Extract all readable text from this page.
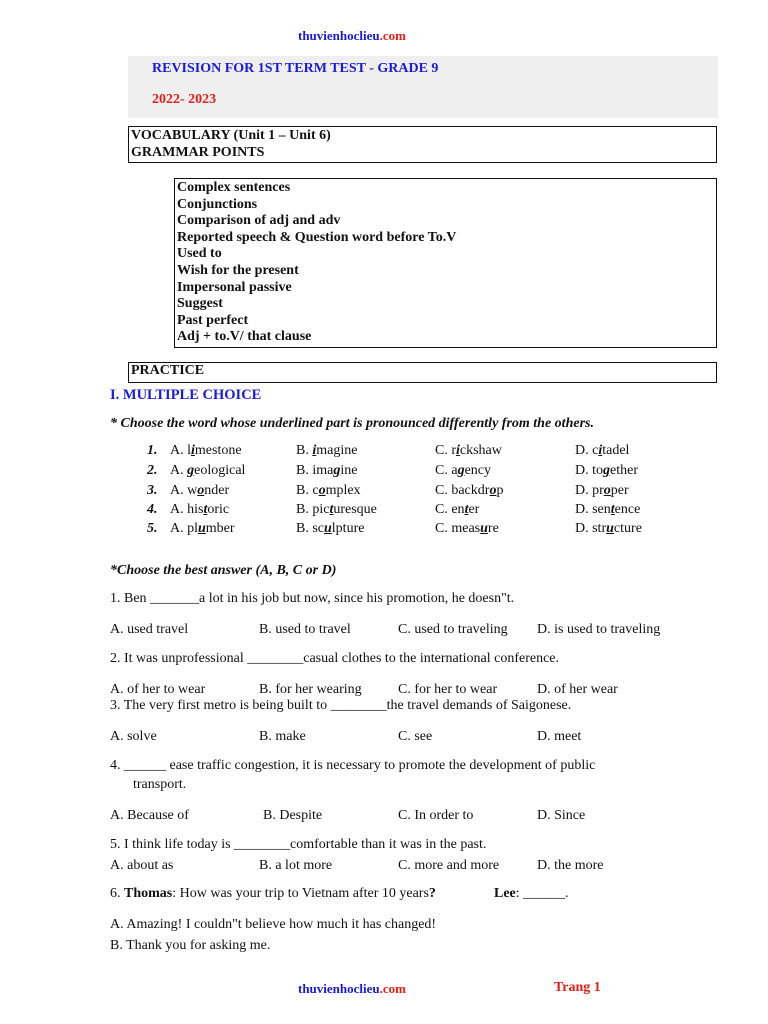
thuvienhoclieu.com
REVISION FOR 1ST TERM TEST - GRADE 9
2022- 2023
VOCABULARY (Unit 1 – Unit 6)
GRAMMAR POINTS
Complex sentences
Conjunctions
Comparison of adj and adv
Reported speech & Question word before To.V
Used to
Wish for the present
Impersonal passive
Suggest
Past perfect
Adj + to.V/ that clause
PRACTICE
I. MULTIPLE CHOICE
* Choose the word whose underlined part is pronounced differently from the others.
1. A. limestone	B. imagine	C. rickshaw	D. citadel
2. A. geological	B. imagine	C. agency	D. together
3. A. wonder	B. complex	C. backdrop	D. proper
4. A. historic	B. picturesque	C. enter	D. sentence
5. A. plumber	B. sculpture	C. measure	D. structure
*Choose the best answer (A, B, C or D)
1. Ben _______a lot in his job but now, since his promotion, he doesn"t.
A. used travel	B. used to travel	C. used to traveling D. is used to traveling
2. It was unprofessional ________casual clothes to the international conference.
A. of her to wear	B. for her wearing	C. for her to wear	D. of her wear
3. The very first metro is being built to ________the travel demands of Saigonese.
A. solve	B. make	C. see	D. meet
4. ______ ease traffic congestion, it is necessary to promote the development of public
transport.
A. Because of	B. Despite	C. In order to	D. Since
5. I think life today is ________comfortable than it was in the past.
A. about as	B. a lot more	C. more and more	D. the more
6. Thomas: How was your trip to Vietnam after 10 years?	Lee: ______.
A. Amazing! I couldn"t believe how much it has changed!
B. Thank you for asking me.
thuvienhoclieu.com	Trang 1
